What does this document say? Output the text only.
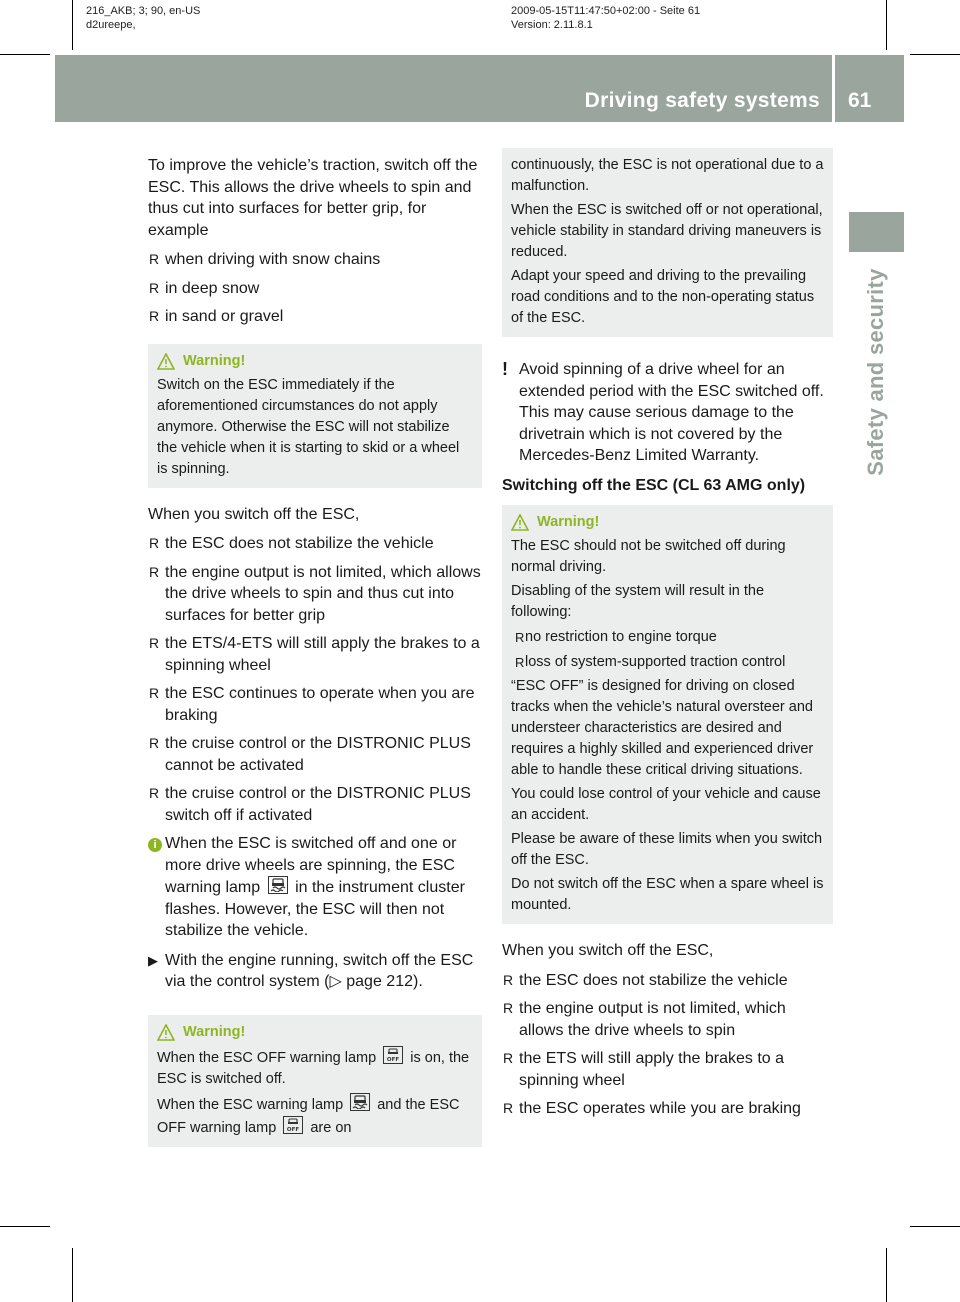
216_AKB; 3; 90, en-US
d2ureepe,
2009-05-15T11:47:50+02:00 - Seite 61
Version: 2.11.8.1
Driving safety systems 61
Safety and security

To improve the vehicle’s traction, switch off the ESC. This allows the drive wheels to spin and thus cut into surfaces for better grip, for example

R when driving with snow chains

R in deep snow

R in sand or gravel

Warning!

Switch on the ESC immediately if the aforementioned circumstances do not apply anymore. Otherwise the ESC will not stabilize the vehicle when it is starting to skid or a wheel is spinning.

When you switch off the ESC,

R the ESC does not stabilize the vehicle

R the engine output is not limited, which allows the drive wheels to spin and thus cut into surfaces for better grip

R the ETS/4-ETS will still apply the brakes to a spinning wheel

R the ESC continues to operate when you are braking

R the cruise control or the DISTRONIC PLUS cannot be activated

R the cruise control or the DISTRONIC PLUS switch off if activated

i When the ESC is switched off and one or more drive wheels are spinning, the ESC warning lamp in the instrument cluster flashes. However, the ESC will then not stabilize the vehicle.

▶ With the engine running, switch off the ESC via the control system (▷ page 212).

Warning!

When the ESC OFF warning lamp OFF is on, the ESC is switched off.

When the ESC warning lamp and the ESC OFF warning lamp OFF are on

continuously, the ESC is not operational due to a malfunction.

When the ESC is switched off or not operational, vehicle stability in standard driving maneuvers is reduced.

Adapt your speed and driving to the prevailing road conditions and to the non-operating status of the ESC.

! Avoid spinning of a drive wheel for an extended period with the ESC switched off. This may cause serious damage to the drivetrain which is not covered by the Mercedes-Benz Limited Warranty.

Switching off the ESC (CL 63 AMG only)

Warning!

The ESC should not be switched off during normal driving.

Disabling of the system will result in the following:

R no restriction to engine torque

R loss of system-supported traction control

“ESC OFF” is designed for driving on closed tracks when the vehicle’s natural oversteer and understeer characteristics are desired and requires a highly skilled and experienced driver able to handle these critical driving situations.

You could lose control of your vehicle and cause an accident.

Please be aware of these limits when you switch off the ESC.

Do not switch off the ESC when a spare wheel is mounted.

When you switch off the ESC,

R the ESC does not stabilize the vehicle

R the engine output is not limited, which allows the drive wheels to spin

R the ETS will still apply the brakes to a spinning wheel

R the ESC operates while you are braking
